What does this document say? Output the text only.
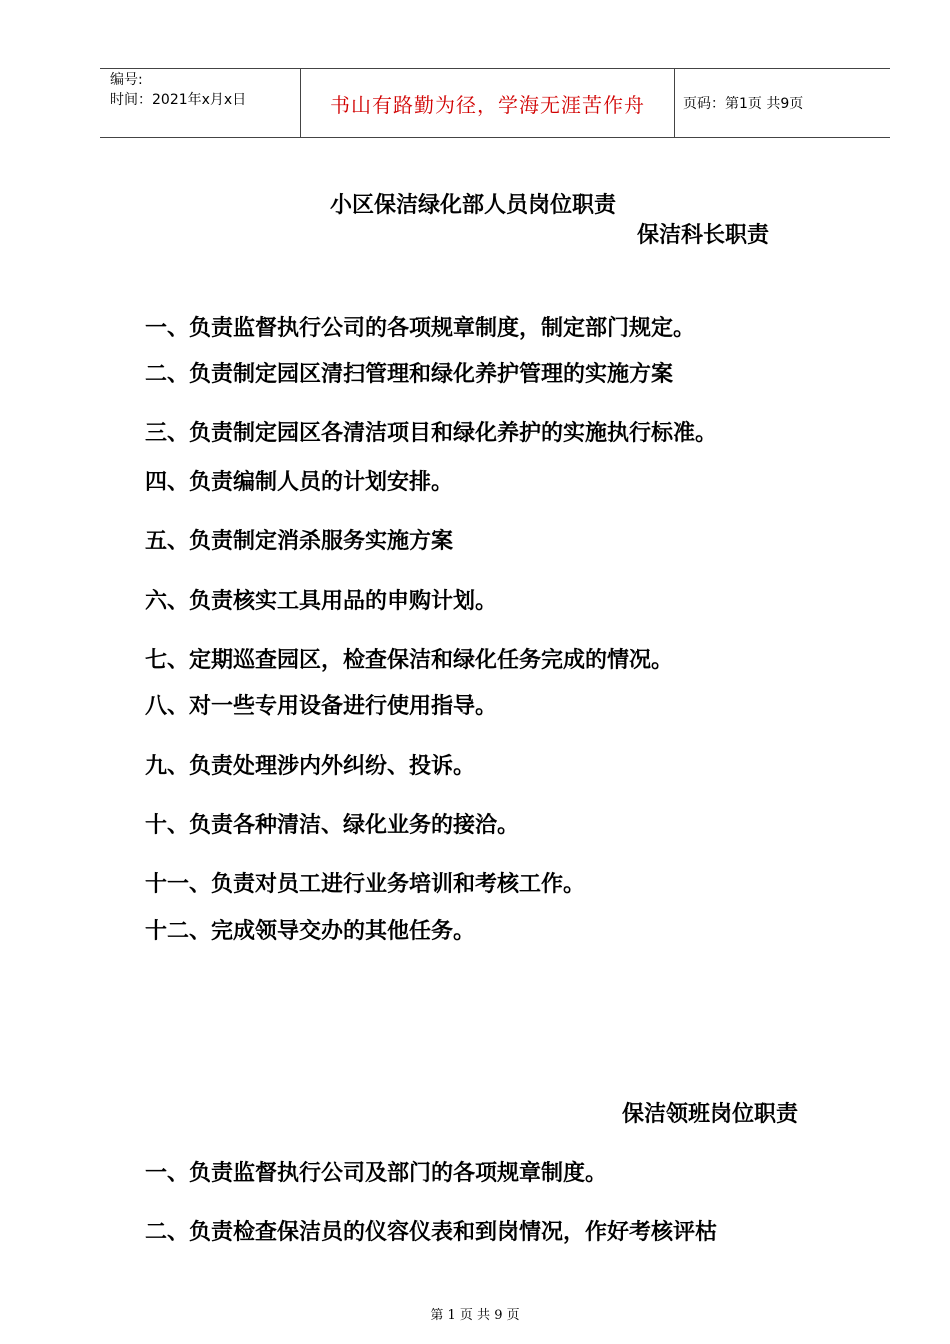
编号:
时间：2021年x月x日	书山有路勤为径，学海无涯苦作舟	页码：第1页 共9页
小区保洁绿化部人员岗位职责
保洁科长职责
一、负责监督执行公司的各项规章制度，制定部门规定。
二、负责制定园区清扫管理和绿化养护管理的实施方案
三、负责制定园区各清洁项目和绿化养护的实施执行标准。
四、负责编制人员的计划安排。
五、负责制定消杀服务实施方案
六、负责核实工具用品的申购计划。
七、定期巡查园区，检查保洁和绿化任务完成的情况。
八、对一些专用设备进行使用指导。
九、负责处理涉内外纠纷、投诉。
十、负责各种清洁、绿化业务的接洽。
十一、负责对员工进行业务培训和考核工作。
十二、完成领导交办的其他任务。
保洁领班岗位职责
一、负责监督执行公司及部门的各项规章制度。
二、负责检查保洁员的仪容仪表和到岗情况，作好考核评枯
第 1 页 共 9 页
